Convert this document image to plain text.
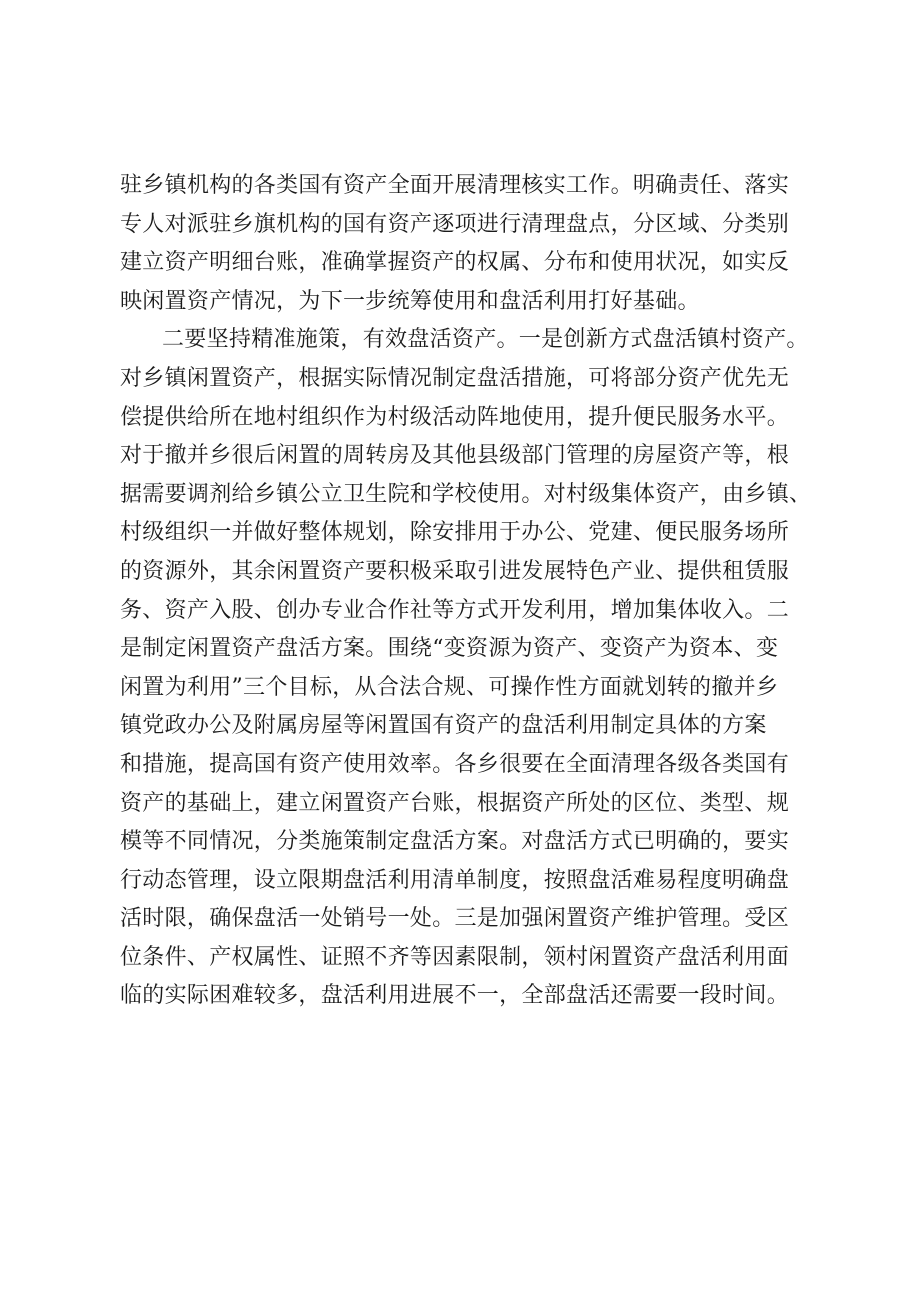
驻乡镇机构的各类国有资产全面开展清理核实工作。明确责任、落实
专人对派驻乡旗机构的国有资产逐项进行清理盘点，分区域、分类别
建立资产明细台账，准确掌握资产的权属、分布和使用状况，如实反
映闲置资产情况，为下一步统筹使用和盘活利用打好基础。
二要坚持精准施策，有效盘活资产。一是创新方式盘活镇村资产。
对乡镇闲置资产，根据实际情况制定盘活措施，可将部分资产优先无
偿提供给所在地村组织作为村级活动阵地使用，提升便民服务水平。
对于撤并乡很后闲置的周转房及其他县级部门管理的房屋资产等，根
据需要调剂给乡镇公立卫生院和学校使用。对村级集体资产，由乡镇、
村级组织一并做好整体规划，除安排用于办公、党建、便民服务场所
的资源外，其余闲置资产要积极采取引进发展特色产业、提供租赁服
务、资产入股、创办专业合作社等方式开发利用，增加集体收入。二
是制定闲置资产盘活方案。围绕“变资源为资产、变资产为资本、变
闲置为利用”三个目标，从合法合规、可操作性方面就划转的撤并乡
镇党政办公及附属房屋等闲置国有资产的盘活利用制定具体的方案
和措施，提高国有资产使用效率。各乡很要在全面清理各级各类国有
资产的基础上，建立闲置资产台账，根据资产所处的区位、类型、规
模等不同情况，分类施策制定盘活方案。对盘活方式已明确的，要实
行动态管理，设立限期盘活利用清单制度，按照盘活难易程度明确盘
活时限，确保盘活一处销号一处。三是加强闲置资产维护管理。受区
位条件、产权属性、证照不齐等因素限制，领村闲置资产盘活利用面
临的实际困难较多，盘活利用进展不一，全部盘活还需要一段时间。
